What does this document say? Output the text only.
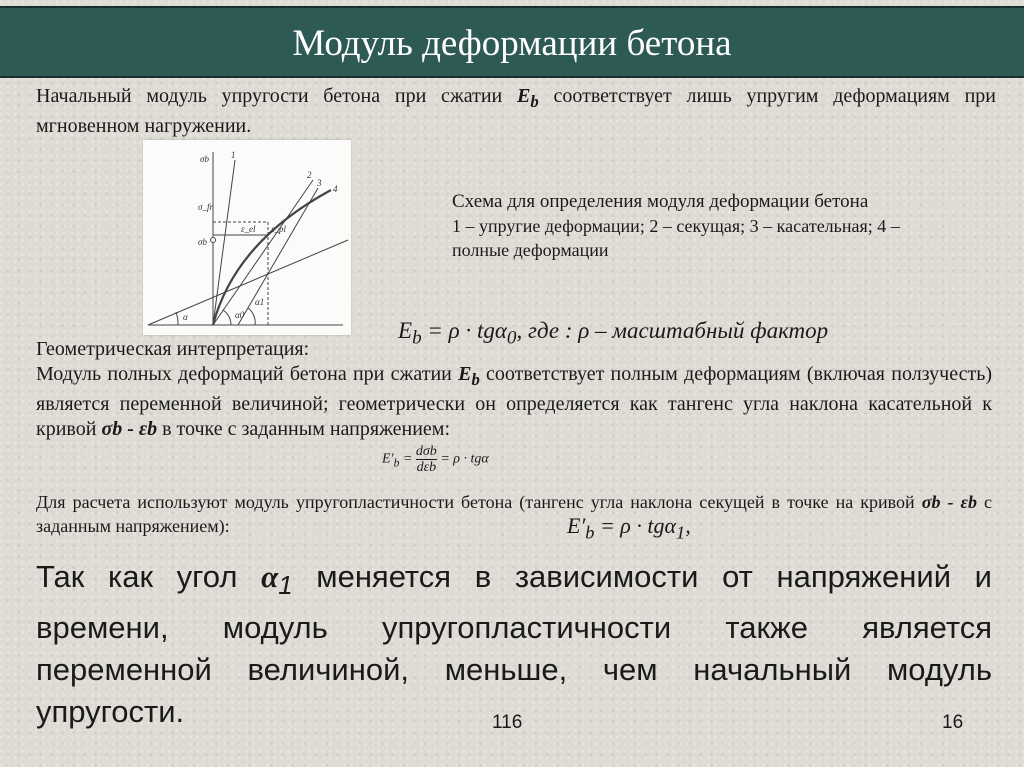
Модуль деформации бетона

Начальный модуль упругости бетона при сжатии $E_b$ соответствует лишь упругим деформациям при мгновенном нагружении.

σb
σ_fr
σb
ε_el ε_pl
α	α0
α1
1
2
3
4
Схема для определения модуля деформации бетона
1 – упругие деформации; 2 – секущая; 3 – касательная; 4 – полные деформации
$E_b = \rho \cdot tg\alpha_0$, где : ρ – масштабный фактор

Геометрическая интерпретация:

Модуль полных деформаций бетона при сжатии $E_b$ соответствует полным деформациям (включая ползучесть) является переменной величиной; геометрически он определяется как тангенс угла наклона касательной к кривой σb - εb в точке с заданным напряжением:

$E'_b = \frac{\text{dσb}}{\text{dεb}} = \rho \cdot tg\alpha$

Для расчета используют модуль упругопластичности бетона (тангенс угла наклона секущей в точке на кривой σb - εb с заданным напряжением):	$E'_b = \rho \cdot tg\alpha_1$,

Так как угол $\alpha_1$ меняется в зависимости от напряжений и времени, модуль упругопластичности также является переменной величиной, меньше, чем начальный модуль упругости.	116	16
